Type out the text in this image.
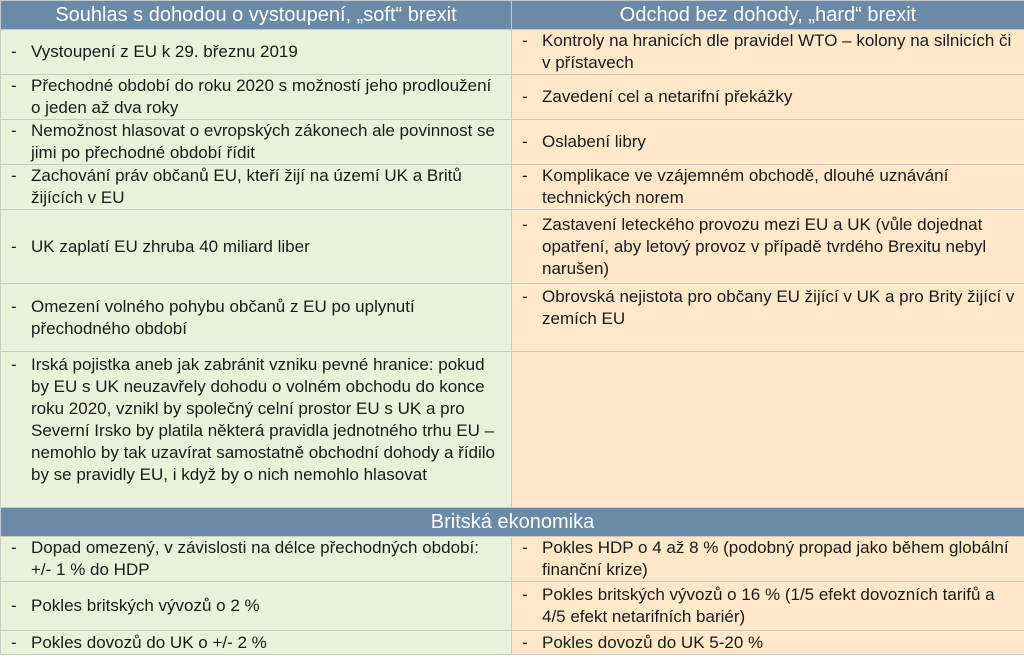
Souhlas s dohodou o vystoupení, „soft“ brexit	Odchod bez dohody, „hard“ brexit

- Vystoupení z EU k 29. březnu 2019	- Kontroly na hranicích dle pravidel WTO – kolony na silnicích či v přístavech

- Přechodné období do roku 2020 s možností jeho prodloužení o jeden až dva roky	- Zavedení cel a netarifní překážky

- Nemožnost hlasovat o evropských zákonech ale povinnost se jimi po přechodné období řídit	- Oslabení libry

- Zachování práv občanů EU, kteří žijí na území UK a Britů žijících v EU	- Komplikace ve vzájemném obchodě, dlouhé uznávání technických norem

- UK zaplatí EU zhruba 40 miliard liber	- Zastavení leteckého provozu mezi EU a UK (vůle dojednat opatření, aby letový provoz v případě tvrdého Brexitu nebyl narušen)

- Omezení volného pohybu občanů z EU po uplynutí přechodného období	- Obrovská nejistota pro občany EU žijící v UK a pro Brity žijící v zemích EU

- Irská pojistka aneb jak zabránit vzniku pevné hranice: pokud by EU s UK neuzavřely dohodu o volném obchodu do konce roku 2020, vznikl by společný celní prostor EU s UK a pro Severní Irsko by platila některá pravidla jednotného trhu EU – nemohlo by tak uzavírat samostatně obchodní dohody a řídilo by se pravidly EU, i když by o nich nemohlo hlasovat	

Britská ekonomika	

- Dopad omezený, v závislosti na délce přechodných období: +/- 1 % do HDP	- Pokles HDP o 4 až 8 % (podobný propad jako během globální finanční krize)

- Pokles britských vývozů o 2 %	- Pokles britských vývozů o 16 % (1/5 efekt dovozních tarifů a 4/5 efekt netarifních bariér)

- Pokles dovozů do UK o +/- 2 %	- Pokles dovozů do UK 5-20 %
